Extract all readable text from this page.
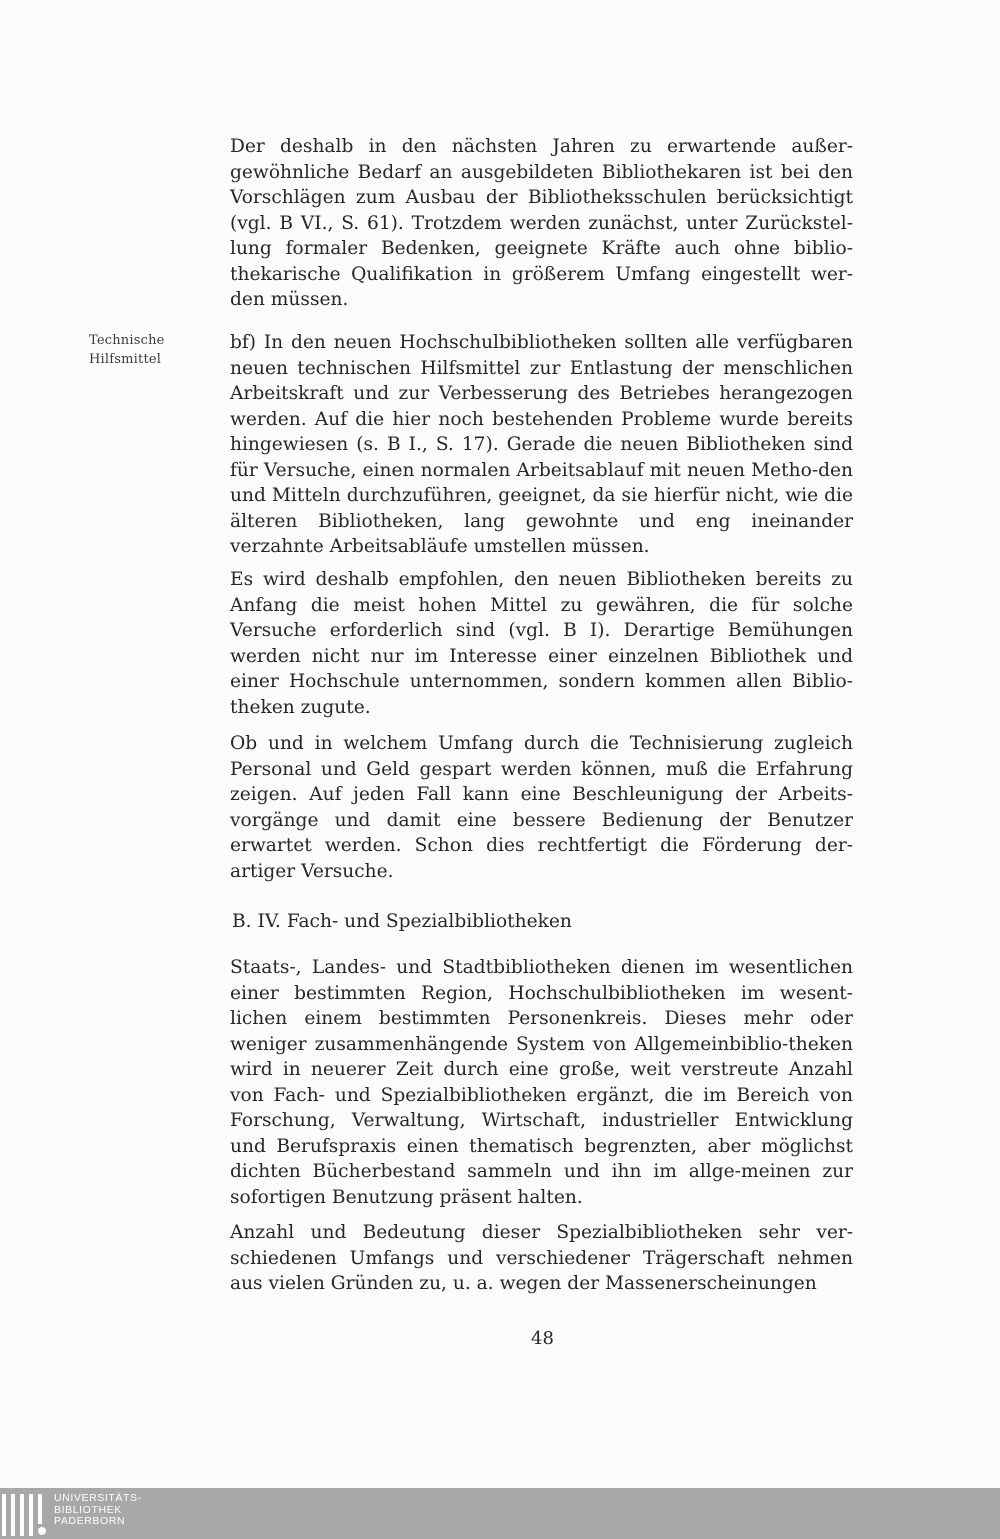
Technische Hilfsmittel

Der deshalb in den nächsten Jahren zu erwartende außer-gewöhnliche Bedarf an ausgebildeten Bibliothekaren ist bei den Vorschlägen zum Ausbau der Bibliotheksschulen berücksichtigt (vgl. B VI., S. 61). Trotzdem werden zunächst, unter Zurückstel-lung formaler Bedenken, geeignete Kräfte auch ohne biblio-thekarische Qualifikation in größerem Umfang eingestellt wer-den müssen.

bf) In den neuen Hochschulbibliotheken sollten alle verfügbaren neuen technischen Hilfsmittel zur Entlastung der menschlichen Arbeitskraft und zur Verbesserung des Betriebes herangezogen werden. Auf die hier noch bestehenden Probleme wurde bereits hingewiesen (s. B I., S. 17). Gerade die neuen Bibliotheken sind für Versuche, einen normalen Arbeitsablauf mit neuen Metho-den und Mitteln durchzuführen, geeignet, da sie hierfür nicht, wie die älteren Bibliotheken, lang gewohnte und eng ineinander verzahnte Arbeitsabläufe umstellen müssen.

Es wird deshalb empfohlen, den neuen Bibliotheken bereits zu Anfang die meist hohen Mittel zu gewähren, die für solche Versuche erforderlich sind (vgl. B I). Derartige Bemühungen werden nicht nur im Interesse einer einzelnen Bibliothek und einer Hochschule unternommen, sondern kommen allen Biblio-theken zugute.

Ob und in welchem Umfang durch die Technisierung zugleich Personal und Geld gespart werden können, muß die Erfahrung zeigen. Auf jeden Fall kann eine Beschleunigung der Arbeits-vorgänge und damit eine bessere Bedienung der Benutzer erwartet werden. Schon dies rechtfertigt die Förderung der-artiger Versuche.

B. IV. Fach- und Spezialbibliotheken

Staats-, Landes- und Stadtbibliotheken dienen im wesentlichen einer bestimmten Region, Hochschulbibliotheken im wesent-lichen einem bestimmten Personenkreis. Dieses mehr oder weniger zusammenhängende System von Allgemeinbiblio-theken wird in neuerer Zeit durch eine große, weit verstreute Anzahl von Fach- und Spezialbibliotheken ergänzt, die im Bereich von Forschung, Verwaltung, Wirtschaft, industrieller Entwicklung und Berufspraxis einen thematisch begrenzten, aber möglichst dichten Bücherbestand sammeln und ihn im allge-meinen zur sofortigen Benutzung präsent halten.

Anzahl und Bedeutung dieser Spezialbibliotheken sehr ver-schiedenen Umfangs und verschiedener Trägerschaft nehmen aus vielen Gründen zu, u. a. wegen der Massenerscheinungen

48
UNIVERSITÄTS-
BIBLIOTHEK
PADERBORN
